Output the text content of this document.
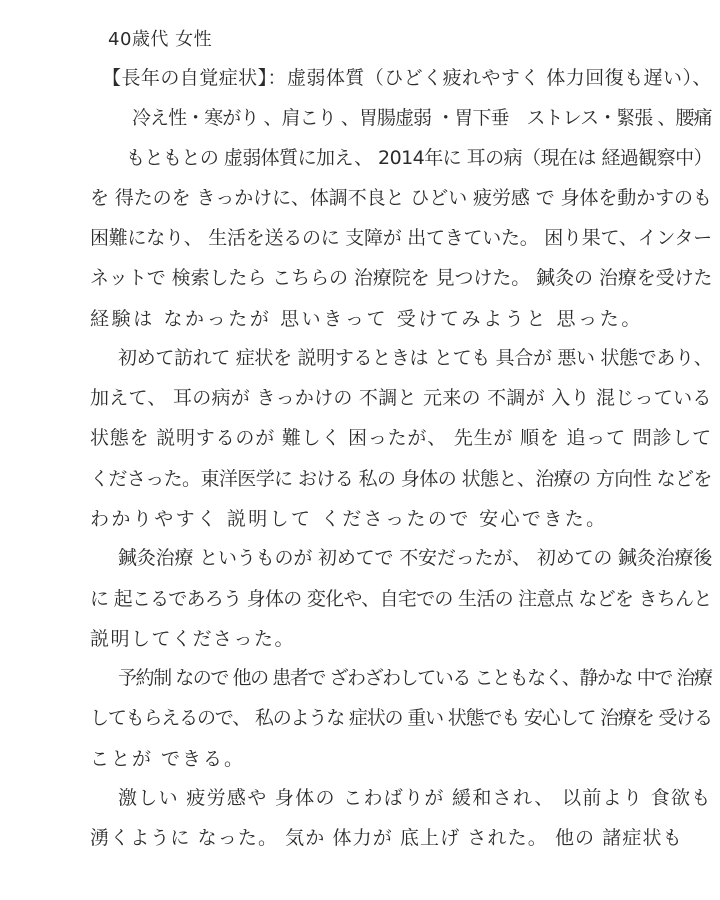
40歳代 女性
【長年の自覚症状】：虚弱体質（ひどく疲れやすく 体力回復も遅い）、
冷え性・寒がり 、肩こり 、胃腸虚弱 ・胃下垂　ストレス・緊張 、腰痛
もともとの 虚弱体質に加え、 2014年に 耳の病（現在は 経過観察中）
を 得たのを きっかけに、体調不良と ひどい 疲労感 で 身体を動かすのも
困難になり、 生活を送るのに 支障が 出てきていた。 困り果て、インター
ネットで 検索したら こちらの 治療院を 見つけた。 鍼灸の 治療を受けた
経験は なかったが 思いきって 受けてみようと 思った。
初めて訪れて 症状を 説明するときは とても 具合が 悪い 状態であり、
加えて、 耳の病が きっかけの 不調と 元来の 不調が 入り 混じっている
状態を 説明するのが 難しく 困ったが、 先生が 順を 追って 問診して
くださった。東洋医学に おける 私の 身体の 状態と、治療の 方向性 などを
わかりやすく 説明して くださったので 安心できた。
鍼灸治療 というものが 初めてで 不安だったが、 初めての 鍼灸治療後
に 起こるであろう 身体の 変化や、自宅での 生活の 注意点 などを きちんと
説明してくださった。
予約制 なので 他の 患者で ざわざわしている こともなく、静かな 中で 治療
してもらえるので、 私のような 症状の 重い 状態でも 安心して 治療を 受ける
ことが できる。
激しい 疲労感や 身体の こわばりが 緩和され、 以前より 食欲も
湧くように なった。 気か 体力が 底上げ された。 他の 諸症状も
